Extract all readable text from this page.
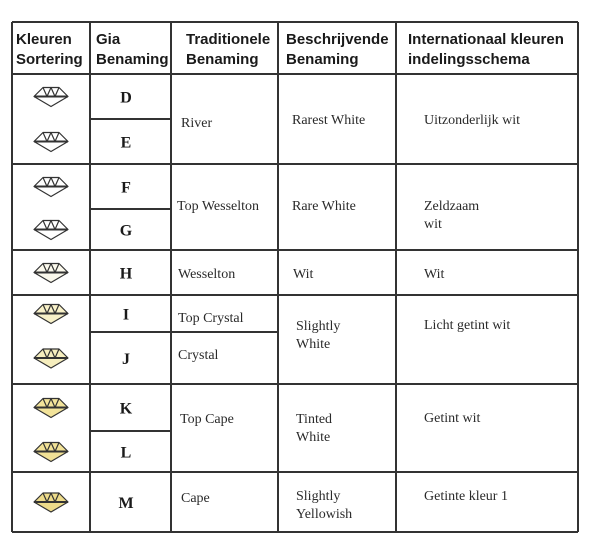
Kleuren Sortering
Gia Benaming
Traditionele Benaming
Beschrijvende Benaming
Internationaal kleuren indelingsschema
D
E
F
G
H
I
J
K
L
M
River
Top Wesselton
Wesselton
Top Crystal
Crystal
Top Cape
Cape
Rarest White
Rare White
Wit
Slightly White
Tinted White
Slightly Yellowish
Uitzonderlijk wit
Zeldzaam wit
Wit
Licht getint wit
Getint wit
Getinte kleur 1
